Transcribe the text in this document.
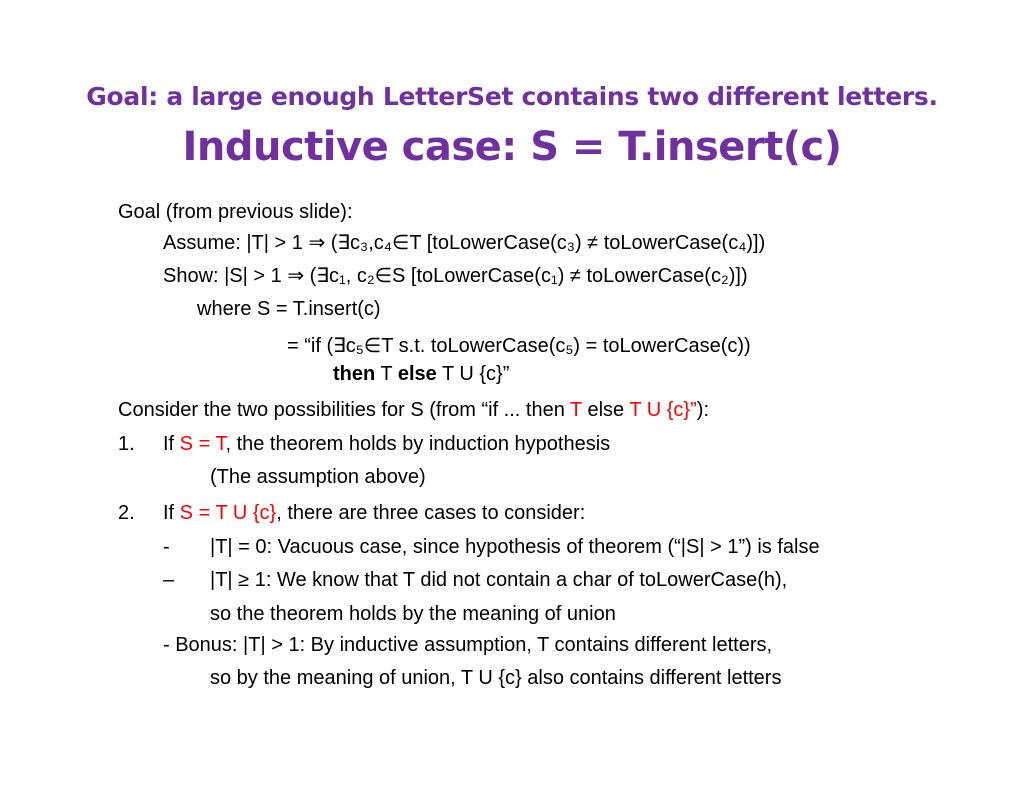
Goal: a large enough LetterSet contains two different letters.
Inductive case: S = T.insert(c)
Goal (from previous slide):
Assume: |T| > 1 ⇒ (∃c₃,c₄∈T [toLowerCase(c₃) ≠ toLowerCase(c₄)])
Show: |S| > 1 ⇒ (∃c₁, c₂∈S [toLowerCase(c₁) ≠ toLowerCase(c₂)])
where S = T.insert(c)
= “if (∃c₅∈T s.t. toLowerCase(c₅) = toLowerCase(c))
then T else T U {c}”
Consider the two possibilities for S (from “if ... then T else T U {c}”):
1. If S = T, the theorem holds by induction hypothesis
(The assumption above)
2. If S = T U {c}, there are three cases to consider:
- |T| = 0: Vacuous case, since hypothesis of theorem (“|S| > 1”) is false
– |T| ≥ 1: We know that T did not contain a char of toLowerCase(h),
so the theorem holds by the meaning of union
- Bonus: |T| > 1: By inductive assumption, T contains different letters,
so by the meaning of union, T U {c} also contains different letters
